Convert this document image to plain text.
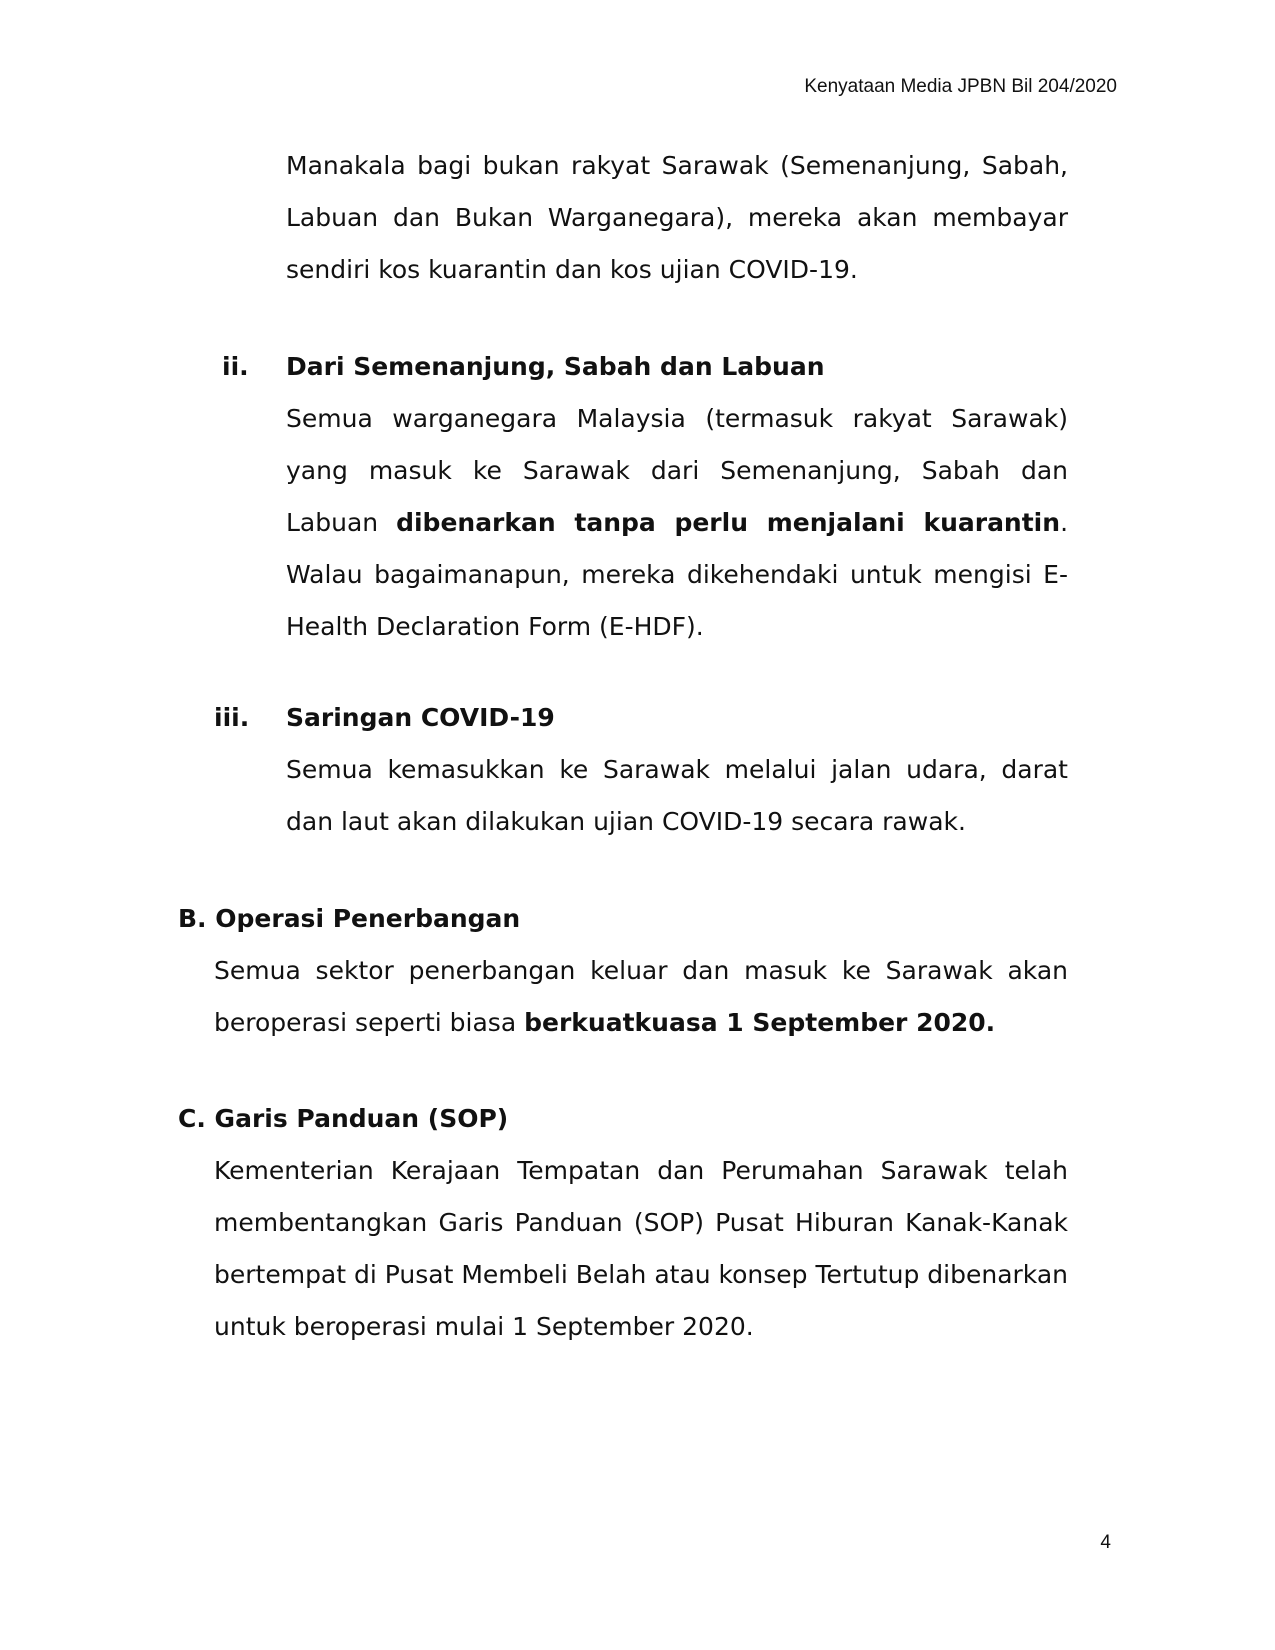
Kenyataan Media JPBN Bil 204/2020

Manakala bagi bukan rakyat Sarawak (Semenanjung, Sabah, Labuan dan Bukan Warganegara), mereka akan membayar sendiri kos kuarantin dan kos ujian COVID-19.

ii. Dari Semenanjung, Sabah dan Labuan

Semua warganegara Malaysia (termasuk rakyat Sarawak) yang masuk ke Sarawak dari Semenanjung, Sabah dan Labuan dibenarkan tanpa perlu menjalani kuarantin. Walau bagaimanapun, mereka dikehendaki untuk mengisi E-Health Declaration Form (E-HDF).

iii. Saringan COVID-19

Semua kemasukkan ke Sarawak melalui jalan udara, darat dan laut akan dilakukan ujian COVID-19 secara rawak.

B. Operasi Penerbangan

Semua sektor penerbangan keluar dan masuk ke Sarawak akan beroperasi seperti biasa berkuatkuasa 1 September 2020.

C. Garis Panduan (SOP)

Kementerian Kerajaan Tempatan dan Perumahan Sarawak telah membentangkan Garis Panduan (SOP) Pusat Hiburan Kanak-Kanak bertempat di Pusat Membeli Belah atau konsep Tertutup dibenarkan untuk beroperasi mulai 1 September 2020.

4
